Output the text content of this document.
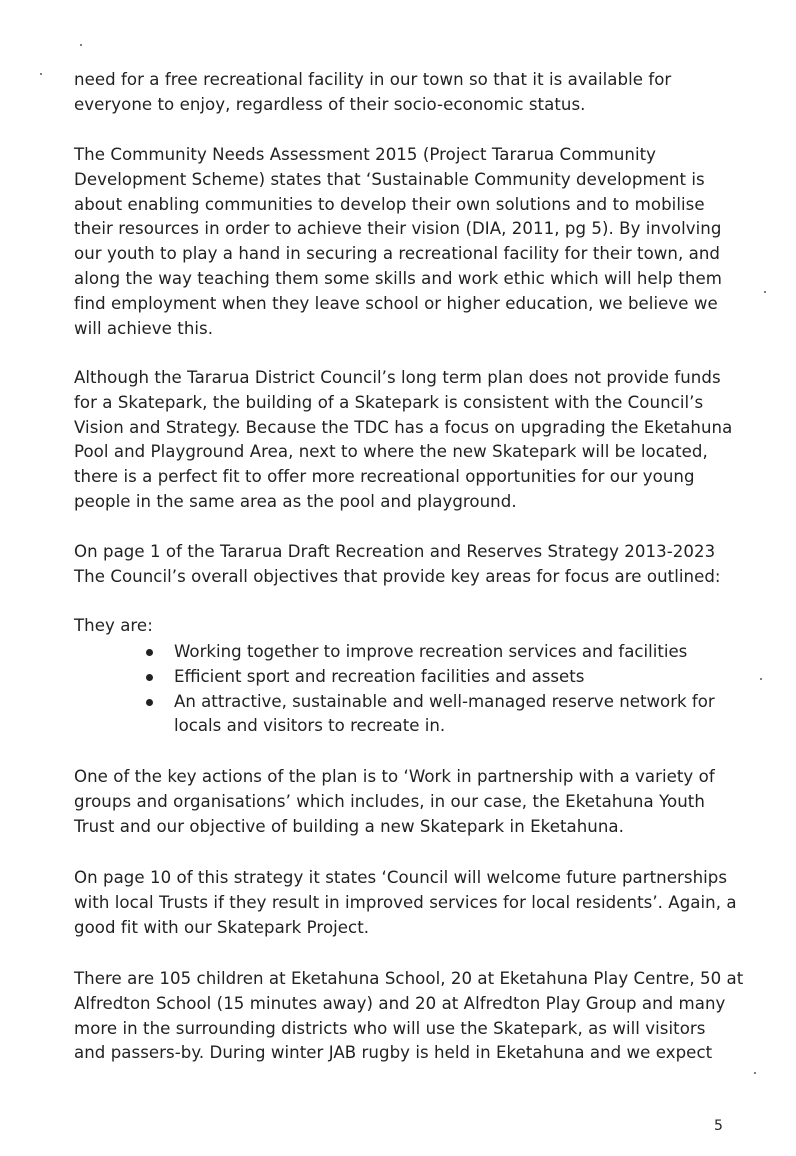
need for a free recreational facility in our town so that it is available for
everyone to enjoy, regardless of their socio-economic status.
The Community Needs Assessment 2015 (Project Tararua Community
Development Scheme) states that ‘Sustainable Community development is
about enabling communities to develop their own solutions and to mobilise
their resources in order to achieve their vision (DIA, 2011, pg 5). By involving
our youth to play a hand in securing a recreational facility for their town, and
along the way teaching them some skills and work ethic which will help them
find employment when they leave school or higher education, we believe we
will achieve this.
Although the Tararua District Council’s long term plan does not provide funds
for a Skatepark, the building of a Skatepark is consistent with the Council’s
Vision and Strategy. Because the TDC has a focus on upgrading the Eketahuna
Pool and Playground Area, next to where the new Skatepark will be located,
there is a perfect fit to offer more recreational opportunities for our young
people in the same area as the pool and playground.
On page 1 of the Tararua Draft Recreation and Reserves Strategy 2013-2023
The Council’s overall objectives that provide key areas for focus are outlined:
They are:
Working together to improve recreation services and facilities
Efficient sport and recreation facilities and assets
An attractive, sustainable and well-managed reserve network for
locals and visitors to recreate in.
One of the key actions of the plan is to ‘Work in partnership with a variety of
groups and organisations’ which includes, in our case, the Eketahuna Youth
Trust and our objective of building a new Skatepark in Eketahuna.
On page 10 of this strategy it states ‘Council will welcome future partnerships
with local Trusts if they result in improved services for local residents’. Again, a
good fit with our Skatepark Project.
There are 105 children at Eketahuna School, 20 at Eketahuna Play Centre, 50 at
Alfredton School (15 minutes away) and 20 at Alfredton Play Group and many
more in the surrounding districts who will use the Skatepark, as will visitors
and passers-by. During winter JAB rugby is held in Eketahuna and we expect
5
